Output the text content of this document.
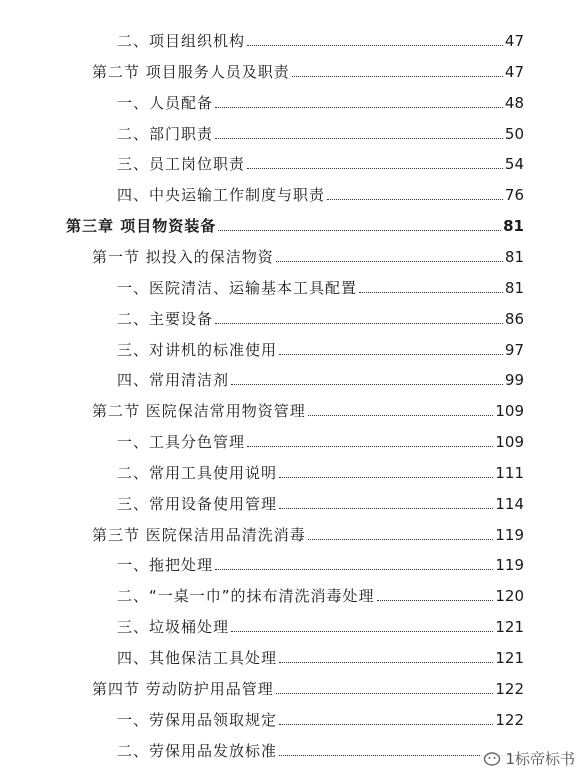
二、项目组织机构	47
第二节 项目服务人员及职责	47
一、人员配备	48
二、部门职责	50
三、员工岗位职责	54
四、中央运输工作制度与职责	76
第三章 项目物资装备	81
第一节 拟投入的保洁物资	81
一、医院清洁、运输基本工具配置	81
二、主要设备	86
三、对讲机的标准使用	97
四、常用清洁剂	99
第二节 医院保洁常用物资管理	109
一、工具分色管理	109
二、常用工具使用说明	111
三、常用设备使用管理	114
第三节 医院保洁用品清洗消毒	119
一、拖把处理	119
二、“一桌一巾”的抹布清洗消毒处理	120
三、垃圾桶处理	121
四、其他保洁工具处理	121
第四节 劳动防护用品管理	122
一、劳保用品领取规定	122
二、劳保用品发放标准	1标帝标书
